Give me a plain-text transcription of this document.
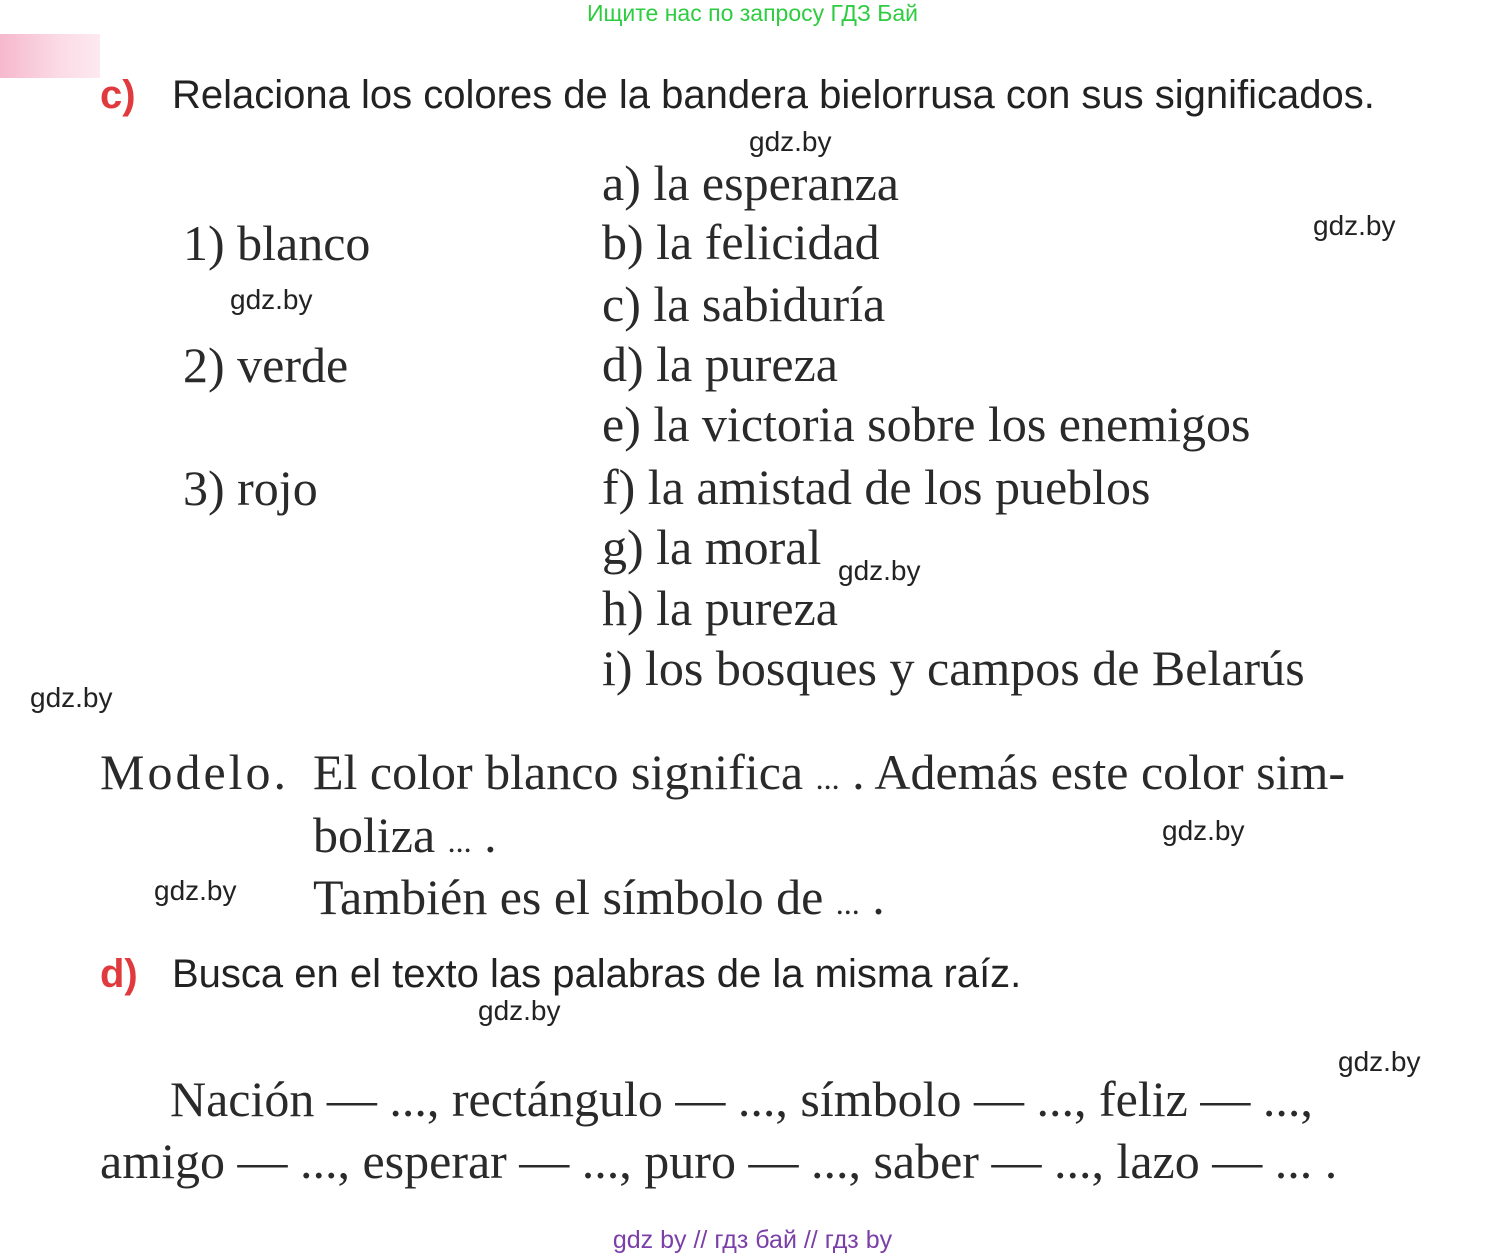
Ищите нас по запросу ГДЗ Бай
c) Relaciona los colores de la bandera bielorrusa con sus significados.
1) blanco
2) verde
3) rojo
a) la esperanza
b) la felicidad
c) la sabiduría
d) la pureza
e) la victoria sobre los enemigos
f) la amistad de los pueblos
g) la moral
h) la pureza
i) los bosques y campos de Belarús
Modelo. El color blanco significa ... . Además este color sim-
boliza ... .
También es el símbolo de ... .
d) Busca en el texto las palabras de la misma raíz.
Nación — ..., rectángulo — ..., símbolo — ..., feliz — ...,
amigo — ..., esperar — ..., puro — ..., saber — ..., lazo — ... .
gdz.by
gdz.by
gdz.by
gdz.by
gdz.by
gdz.by
gdz.by
gdz.by
gdz.by
gdz by // гдз бай // гдз by
